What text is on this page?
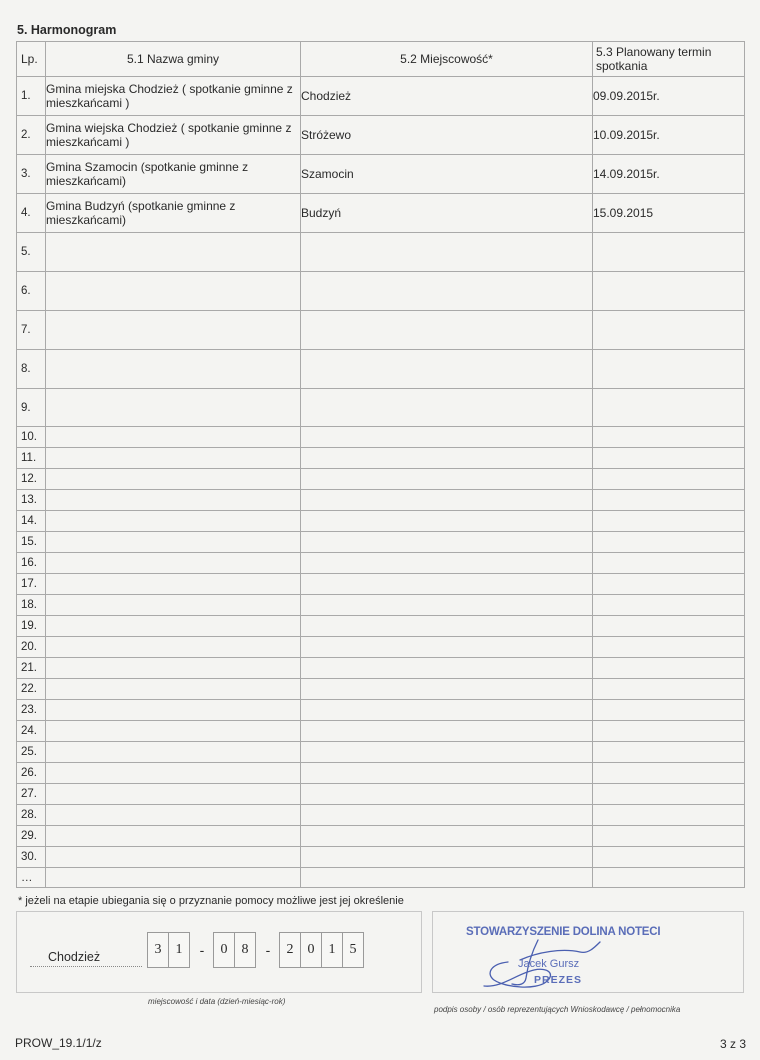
5. Harmonogram
Lp.	5.1 Nazwa gminy	5.2 Miejscowość*	5.3 Planowany termin spotkania
1.	Gmina miejska Chodzież ( spotkanie gminne z mieszkańcami )	Chodzież	09.09.2015r.
2.	Gmina wiejska Chodzież ( spotkanie gminne z mieszkańcami )	Stróżewo	10.09.2015r.
3.	Gmina Szamocin (spotkanie gminne z mieszkańcami)	Szamocin	14.09.2015r.
4.	Gmina Budzyń (spotkanie gminne z mieszkańcami)	Budzyń	15.09.2015
5.			
6.			
7.			
8.			
9.			
10.			
11.			
12.			
13.			
14.			
15.			
16.			
17.			
18.			
19.			
20.			
21.			
22.			
23.			
24.			
25.			
26.			
27.			
28.			
29.			
30.			
…			
* jeżeli na etapie ubiegania się o przyznanie pomocy możliwe jest jej określenie
Chodzież	3	1	-	0	8	-	2	0	1	5
miejscowość i data (dzień-miesiąc-rok)
STOWARZYSZENIE DOLINA NOTECI
Jacek Gursz
PREZES
podpis osoby / osób reprezentujących Wnioskodawcę / pełnomocnika
PROW_19.1/1/z	3 z 3
